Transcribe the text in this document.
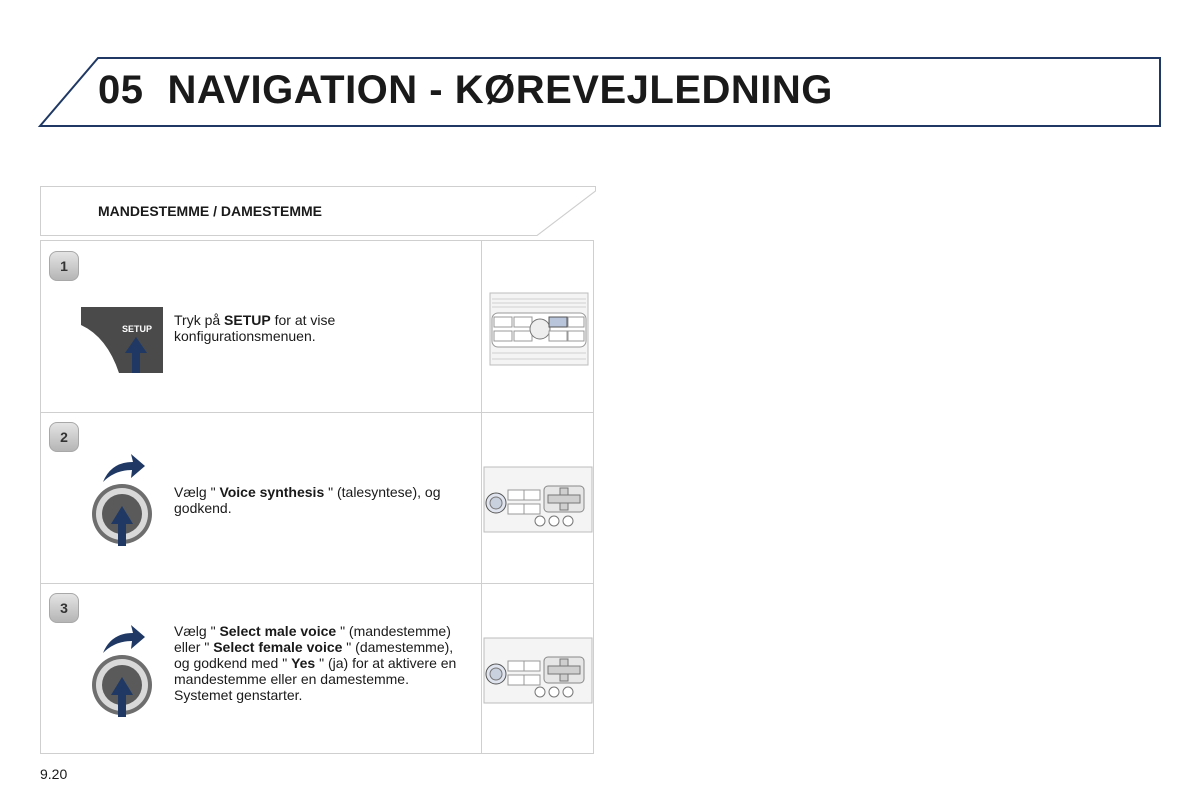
05 NAVIGATION - KØREVEJLEDNING
MANDESTEMME / DAMESTEMME
1
SETUP
Tryk på SETUP for at vise konfigurationsmenuen.
2
Vælg " Voice synthesis " (talesyntese), og godkend.
3
Vælg " Select male voice " (mandestemme) eller " Select female voice " (damestemme), og godkend med " Yes " (ja) for at aktivere en mandestemme eller en damestemme. Systemet genstarter.
9.20
